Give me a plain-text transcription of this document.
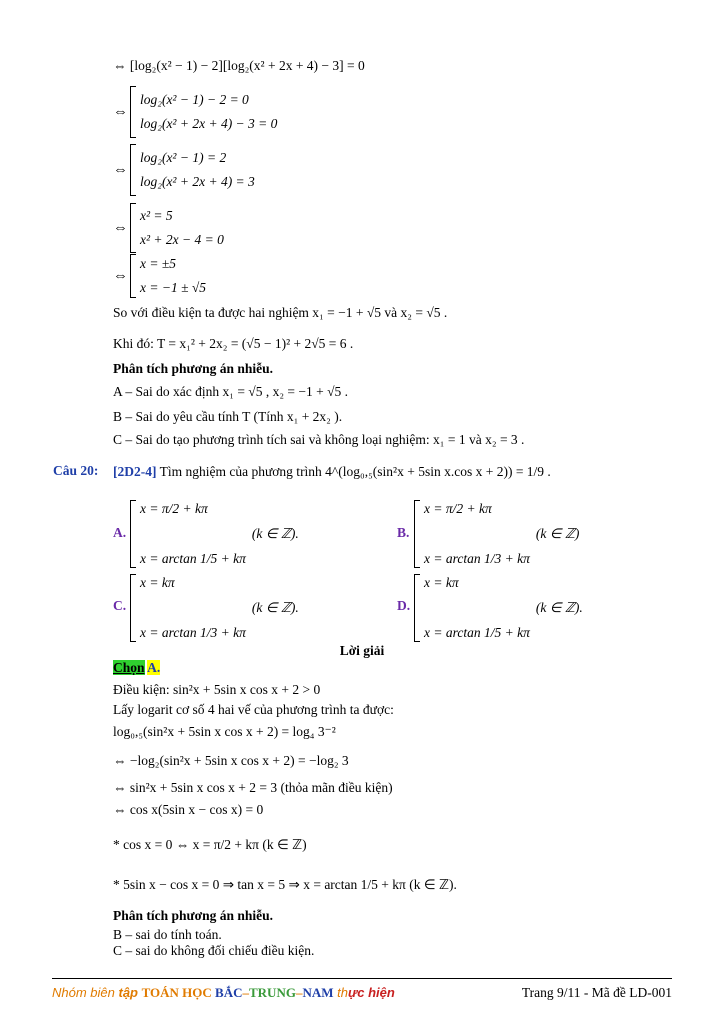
⇔ [log₂(x² − 1) − 2][log₂(x² + 2x + 4) − 3] = 0
⇔
log₂(x² − 1) − 2 = 0
log₂(x² + 2x + 4) − 3 = 0
⇔
log₂(x² − 1) = 2
log₂(x² + 2x + 4) = 3
⇔
x² = 5
x² + 2x − 4 = 0
⇔
x = ±5
x = −1 ± √5
So với điều kiện ta được hai nghiệm x₁ = −1 + √5 và x₂ = √5 .
Khi đó: T = x₁² + 2x₂ = (√5 − 1)² + 2√5 = 6 .
Phân tích phương án nhiễu.
A – Sai do xác định x₁ = √5 , x₂ = −1 + √5 .
B – Sai do yêu cầu tính T (Tính x₁ + 2x₂ ).
C – Sai do tạo phương trình tích sai và không loại nghiệm: x₁ = 1 và x₂ = 3 .
Câu 20: [2D2-4] Tìm nghiệm của phương trình 4^(log₀,₅(sin²x + 5sin x.cos x + 2)) = 1/9 .
A.
x = π/2 + kπ
x = arctan 1/5 + kπ
(k ∈ ℤ).	B.
x = π/2 + kπ
x = arctan 1/3 + kπ
(k ∈ ℤ)
C.
x = kπ
x = arctan 1/3 + kπ
(k ∈ ℤ).	D.
x = kπ
x = arctan 1/5 + kπ
(k ∈ ℤ).
Lời giải
Chọn A.
Điều kiện: sin²x + 5sin x cos x + 2 > 0
Lấy logarit cơ số 4 hai vế của phương trình ta được:
log₀,₅(sin²x + 5sin x cos x + 2) = log₄ 3⁻²
⇔ −log₂(sin²x + 5sin x cos x + 2) = −log₂ 3
⇔ sin²x + 5sin x cos x + 2 = 3 (thỏa mãn điều kiện)
⇔ cos x(5sin x − cos x) = 0
* cos x = 0 ⇔ x = π/2 + kπ (k ∈ ℤ)
* 5sin x − cos x = 0 ⇒ tan x = 5 ⇒ x = arctan 1/5 + kπ (k ∈ ℤ).
Phân tích phương án nhiễu.
B – sai do tính toán.
C – sai do không đối chiếu điều kiện.
Nhóm biên tập TOÁN HỌC BẮC–TRUNG–NAM thực hiện	Trang 9/11 - Mã đề LD-001
